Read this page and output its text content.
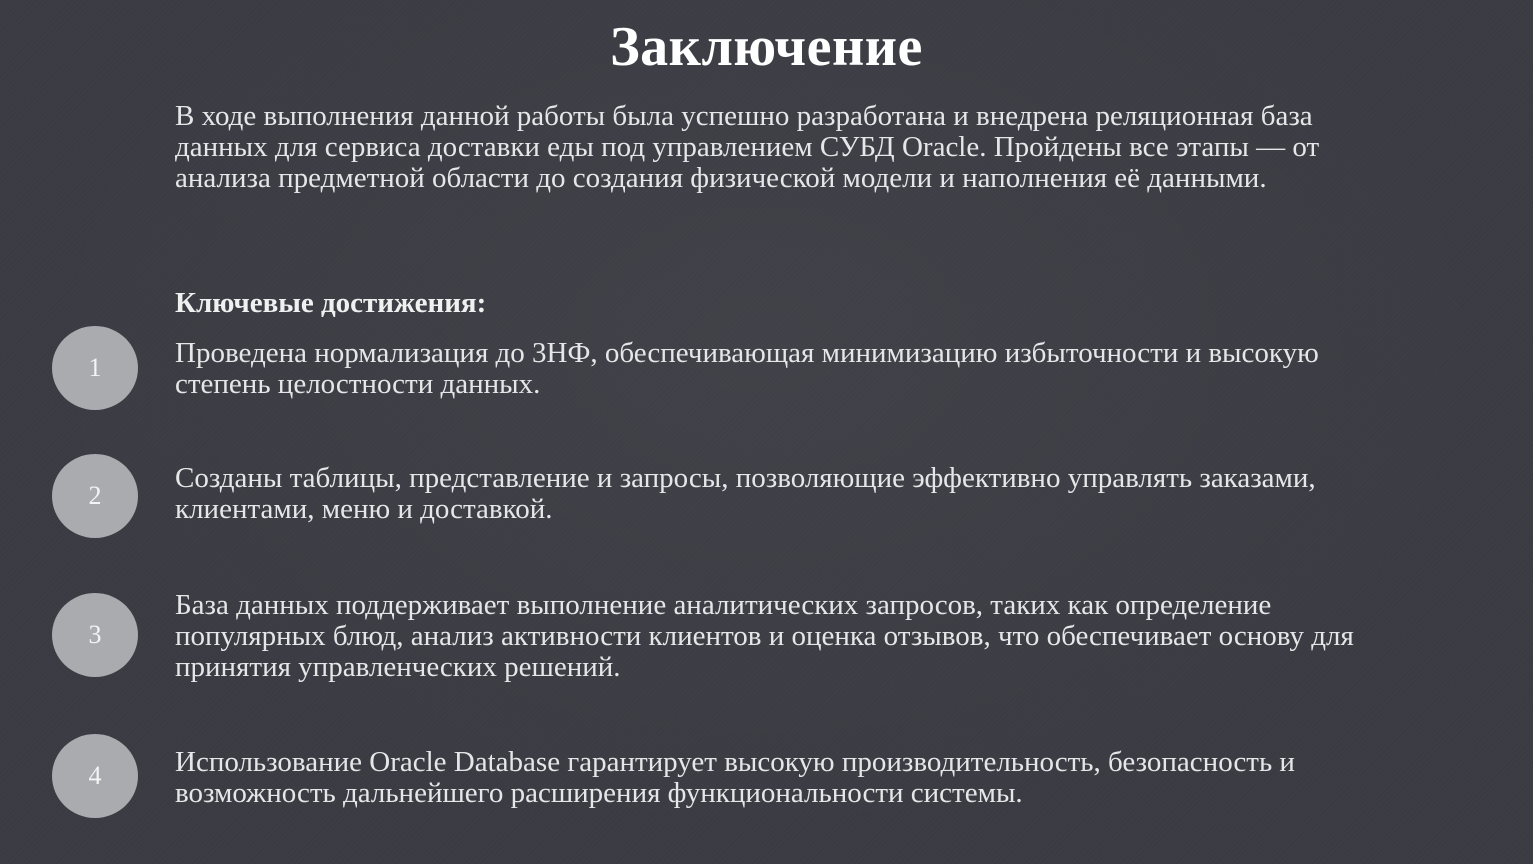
Заключение
В ходе выполнения данной работы была успешно разработана и внедрена реляционная база данных для сервиса доставки еды под управлением СУБД Oracle. Пройдены все этапы — от анализа предметной области до создания физической модели и наполнения её данными.
Ключевые достижения:
1	Проведена нормализация до 3НФ, обеспечивающая минимизацию избыточности и высокую степень целостности данных.
2
Созданы таблицы, представление и запросы, позволяющие эффективно управлять заказами, клиентами, меню и доставкой.
3
База данных поддерживает выполнение аналитических запросов, таких как определение популярных блюд, анализ активности клиентов и оценка отзывов, что обеспечивает основу для принятия управленческих решений.
4	Использование Oracle Database гарантирует высокую производительность, безопасность и возможность дальнейшего расширения функциональности системы.
